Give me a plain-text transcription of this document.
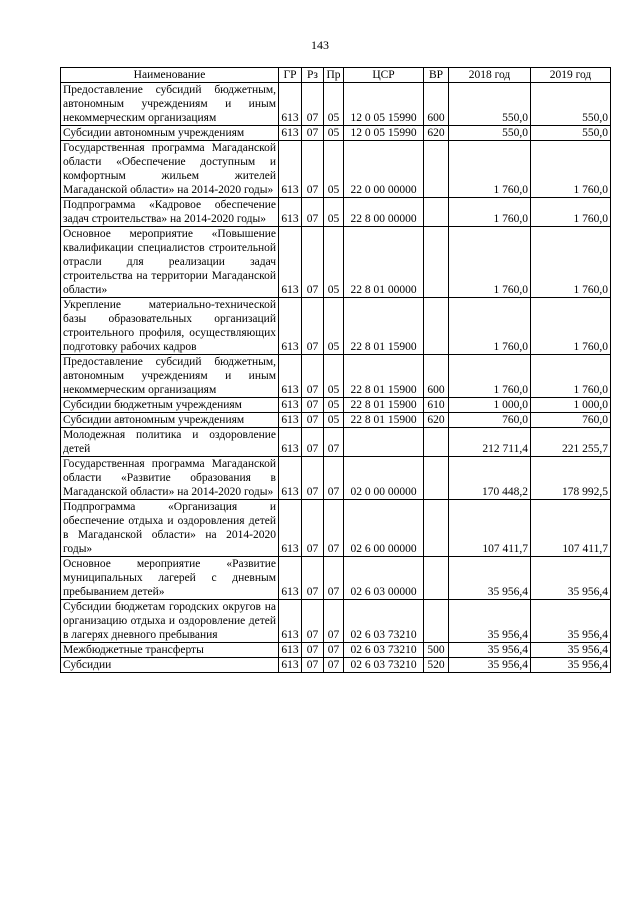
143
Наименование	ГР	Рз	Пр	ЦСР	ВР	2018 год	2019 год
Предоставление субсидий бюджетным, автономным учреждениям и иным некоммерческим организациям	613	07	05	12 0 05 15990	600	550,0	550,0
Субсидии автономным учреждениям	613	07	05	12 0 05 15990	620	550,0	550,0
Государственная программа Магаданской области «Обеспечение доступным и комфортным жильем жителей Магаданской области» на 2014-2020 годы»	613	07	05	22 0 00 00000		1 760,0	1 760,0
Подпрограмма «Кадровое обеспечение задач строительства» на 2014-2020 годы»	613	07	05	22 8 00 00000		1 760,0	1 760,0
Основное мероприятие «Повышение квалификации специалистов строительной отрасли для реализации задач строительства на территории Магаданской области»	613	07	05	22 8 01 00000		1 760,0	1 760,0
Укрепление материально-технической базы образовательных организаций строительного профиля, осуществляющих подготовку рабочих кадров	613	07	05	22 8 01 15900		1 760,0	1 760,0
Предоставление субсидий бюджетным, автономным учреждениям и иным некоммерческим организациям	613	07	05	22 8 01 15900	600	1 760,0	1 760,0
Субсидии бюджетным учреждениям	613	07	05	22 8 01 15900	610	1 000,0	1 000,0
Субсидии автономным учреждениям	613	07	05	22 8 01 15900	620	760,0	760,0
Молодежная политика и оздоровление детей	613	07	07			212 711,4	221 255,7
Государственная программа Магаданской области «Развитие образования в Магаданской области» на 2014-2020 годы»	613	07	07	02 0 00 00000		170 448,2	178 992,5
Подпрограмма «Организация и обеспечение отдыха и оздоровления детей в Магаданской области» на 2014-2020 годы»	613	07	07	02 6 00 00000		107 411,7	107 411,7
Основное мероприятие «Развитие муниципальных лагерей с дневным пребыванием детей»	613	07	07	02 6 03 00000		35 956,4	35 956,4
Субсидии бюджетам городских округов на организацию отдыха и оздоровление детей в лагерях дневного пребывания	613	07	07	02 6 03 73210		35 956,4	35 956,4
Межбюджетные трансферты	613	07	07	02 6 03 73210	500	35 956,4	35 956,4
Субсидии	613	07	07	02 6 03 73210	520	35 956,4	35 956,4
